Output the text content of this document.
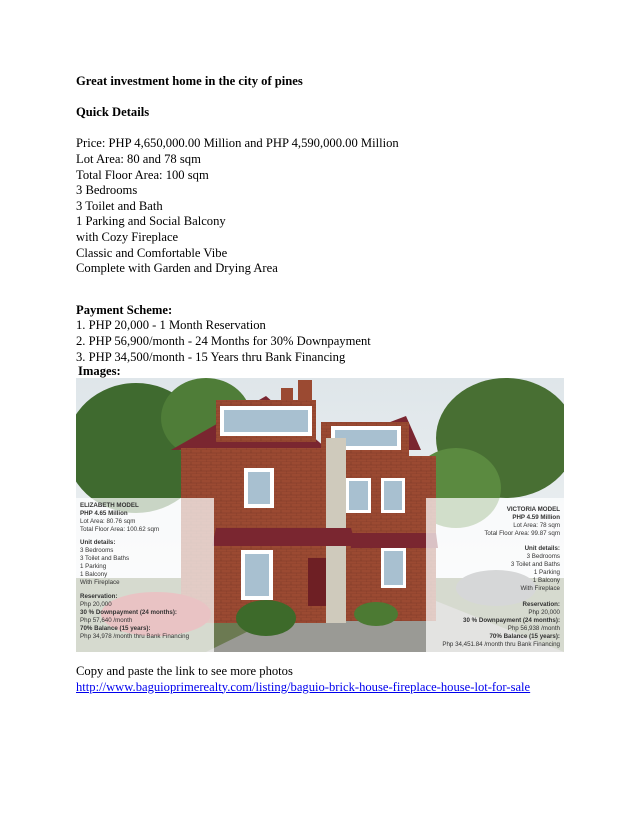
Great investment home in the city of pines
Quick Details
Price: PHP 4,650,000.00 Million and PHP 4,590,000.00 Million
Lot Area: 80 and 78 sqm
Total Floor Area: 100 sqm
3 Bedrooms
3 Toilet and Bath
1 Parking and Social Balcony
with Cozy Fireplace
Classic and Comfortable Vibe
Complete with Garden and Drying Area
Payment Scheme:
1. PHP 20,000 - 1 Month Reservation
2. PHP 56,900/month - 24 Months for 30% Downpayment
3. PHP 34,500/month - 15 Years thru Bank Financing
Images:
ELIZABETH MODEL
PHP 4.65 Million
Lot Area: 80.76 sqm
Total Floor Area: 100.62 sqm
Unit details:
3 Bedrooms
3 Toilet and Baths
1 Parking
1 Balcony
With Fireplace
Reservation:
Php 20,000
30 % Downpayment (24 months):
Php 57,640 /month
70% Balance (15 years):
Php 34,978 /month thru Bank Financing
VICTORIA MODEL
PHP 4.59 Million
Lot Area: 78 sqm
Total Floor Area: 99.87 sqm
Unit details:
3 Bedrooms
3 Toilet and Baths
1 Parking
1 Balcony
With Fireplace
Reservation:
Php 20,000
30 % Downpayment (24 months):
Php 56,938 /month
70% Balance (15 years):
Php 34,451.84 /month thru Bank Financing
Copy and paste the link to see more photos
http://www.baguioprimerealty.com/listing/baguio-brick-house-fireplace-house-lot-for-sale
